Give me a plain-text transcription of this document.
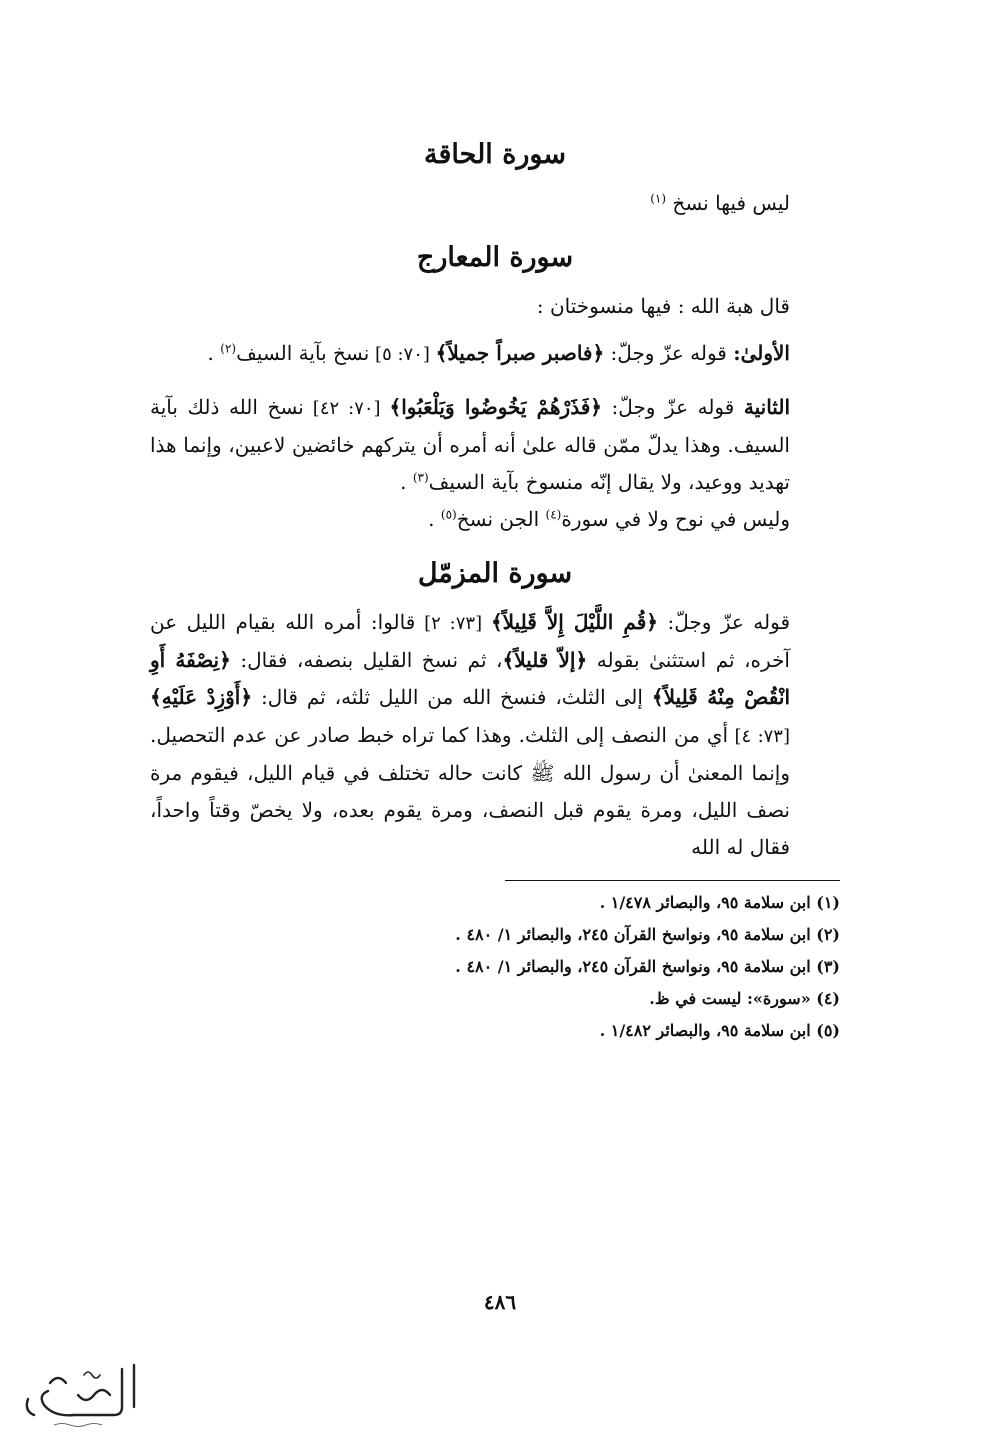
سورة الحاقة

ليس فيها نسخ $^{(١)}$

سورة المعارج

قال هبة الله : فيها منسوختان :

الأولىٰ: قوله عزّ وجلّ: ﴿فاصبر صبراً جميلاً﴾ [٧٠: ٥] نسخ بآية السيف$^{(٢)}$ .

الثانية قوله عزّ وجلّ: ﴿فَذَرْهُمْ يَخُوضُوا وَيَلْعَبُوا﴾ [٧٠: ٤٢] نسخ الله ذلك بآية السيف. وهذا يدلّ ممّن قاله علىٰ أنه أمره أن يتركهم خائضين لاعبين، وإنما هذا تهديد ووعيد، ولا يقال إنّه منسوخ بآية السيف$^{(٣)}$ .

وليس في نوح ولا في سورة$^{(٤)}$ الجن نسخ$^{(٥)}$ .

سورة المزمّل

قوله عزّ وجلّ: ﴿قُمِ اللَّيْلَ إِلاَّ قَلِيلاً﴾ [٧٣: ٢] قالوا: أمره الله بقيام الليل عن آخره، ثم استثنىٰ بقوله ﴿إلاّ قليلاً﴾، ثم نسخ القليل بنصفه، فقال: ﴿نِصْفَهُ أَوِ انْقُصْ مِنْهُ قَلِيلاً﴾ إلى الثلث، فنسخ الله من الليل ثلثه، ثم قال: ﴿أَوْزِدْ عَلَيْهِ﴾ [٧٣: ٤] أي من النصف إلى الثلث. وهذا كما تراه خبط صادر عن عدم التحصيل. وإنما المعنىٰ أن رسول الله ﷺ كانت حاله تختلف في قيام الليل، فيقوم مرة نصف الليل، ومرة يقوم قبل النصف، ومرة يقوم بعده، ولا يخصّ وقتاً واحداً، فقال له الله

(١) ابن سلامة ٩٥، والبصائر ١/٤٧٨ .

(٢) ابن سلامة ٩٥، ونواسخ القرآن ٢٤٥، والبصائر ١/ ٤٨٠ .

(٣) ابن سلامة ٩٥، ونواسخ القرآن ٢٤٥، والبصائر ١/ ٤٨٠ .

(٤) «سورة»: ليست في ظ.

(٥) ابن سلامة ٩٥، والبصائر ١/٤٨٢ .

٤٨٦
